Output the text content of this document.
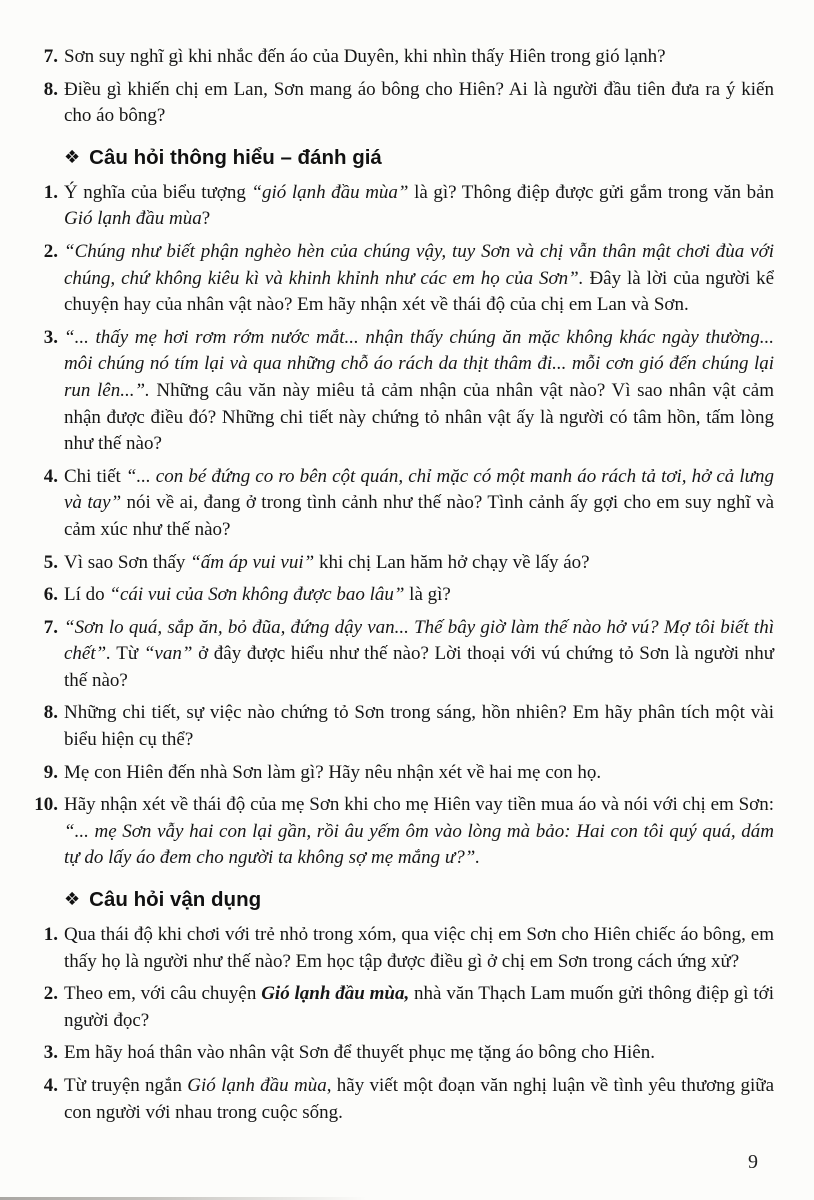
7. Sơn suy nghĩ gì khi nhắc đến áo của Duyên, khi nhìn thấy Hiên trong gió lạnh?
8. Điều gì khiến chị em Lan, Sơn mang áo bông cho Hiên? Ai là người đầu tiên đưa ra ý kiến cho áo bông?
❖ Câu hỏi thông hiểu – đánh giá
1. Ý nghĩa của biểu tượng “gió lạnh đầu mùa” là gì? Thông điệp được gửi gắm trong văn bản Gió lạnh đầu mùa?
2. “Chúng như biết phận nghèo hèn của chúng vậy, tuy Sơn và chị vẫn thân mật chơi đùa với chúng, chứ không kiêu kì và khinh khỉnh như các em họ của Sơn”. Đây là lời của người kể chuyện hay của nhân vật nào? Em hãy nhận xét về thái độ của chị em Lan và Sơn.
3. “... thấy mẹ hơi rơm rớm nước mắt... nhận thấy chúng ăn mặc không khác ngày thường... môi chúng nó tím lại và qua những chỗ áo rách da thịt thâm đi... mỗi cơn gió đến chúng lại run lên...”. Những câu văn này miêu tả cảm nhận của nhân vật nào? Vì sao nhân vật cảm nhận được điều đó? Những chi tiết này chứng tỏ nhân vật ấy là người có tâm hồn, tấm lòng như thế nào?
4. Chi tiết “... con bé đứng co ro bên cột quán, chỉ mặc có một manh áo rách tả tơi, hở cả lưng và tay” nói về ai, đang ở trong tình cảnh như thế nào? Tình cảnh ấy gợi cho em suy nghĩ và cảm xúc như thế nào?
5. Vì sao Sơn thấy “ấm áp vui vui” khi chị Lan hăm hở chạy về lấy áo?
6. Lí do “cái vui của Sơn không được bao lâu” là gì?
7. “Sơn lo quá, sắp ăn, bỏ đũa, đứng dậy van... Thế bây giờ làm thế nào hở vú? Mợ tôi biết thì chết”. Từ “van” ở đây được hiểu như thế nào? Lời thoại với vú chứng tỏ Sơn là người như thế nào?
8. Những chi tiết, sự việc nào chứng tỏ Sơn trong sáng, hồn nhiên? Em hãy phân tích một vài biểu hiện cụ thể?
9. Mẹ con Hiên đến nhà Sơn làm gì? Hãy nêu nhận xét về hai mẹ con họ.
10. Hãy nhận xét về thái độ của mẹ Sơn khi cho mẹ Hiên vay tiền mua áo và nói với chị em Sơn: “... mẹ Sơn vẫy hai con lại gần, rồi âu yếm ôm vào lòng mà bảo: Hai con tôi quý quá, dám tự do lấy áo đem cho người ta không sợ mẹ mắng ư?”.
❖ Câu hỏi vận dụng
1. Qua thái độ khi chơi với trẻ nhỏ trong xóm, qua việc chị em Sơn cho Hiên chiếc áo bông, em thấy họ là người như thế nào? Em học tập được điều gì ở chị em Sơn trong cách ứng xử?
2. Theo em, với câu chuyện Gió lạnh đầu mùa, nhà văn Thạch Lam muốn gửi thông điệp gì tới người đọc?
3. Em hãy hoá thân vào nhân vật Sơn để thuyết phục mẹ tặng áo bông cho Hiên.
4. Từ truyện ngắn Gió lạnh đầu mùa, hãy viết một đoạn văn nghị luận về tình yêu thương giữa con người với nhau trong cuộc sống.
9
